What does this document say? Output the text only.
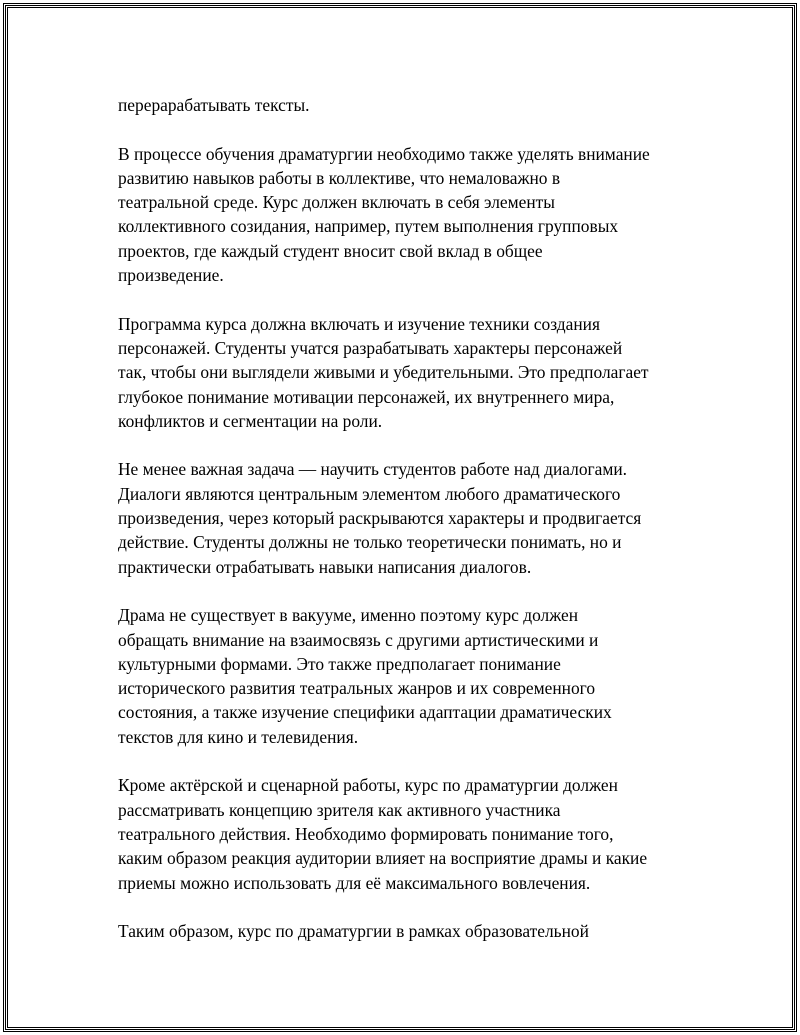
перерарабатывать тексты.

В процессе обучения драматургии необходимо также уделять внимание
развитию навыков работы в коллективе, что немаловажно в
театральной среде. Курс должен включать в себя элементы
коллективного созидания, например, путем выполнения групповых
проектов, где каждый студент вносит свой вклад в общее
произведение.

Программа курса должна включать и изучение техники создания
персонажей. Студенты учатся разрабатывать характеры персонажей
так, чтобы они выглядели живыми и убедительными. Это предполагает
глубокое понимание мотивации персонажей, их внутреннего мира,
конфликтов и сегментации на роли.

Не менее важная задача — научить студентов работе над диалогами.
Диалоги являются центральным элементом любого драматического
произведения, через который раскрываются характеры и продвигается
действие. Студенты должны не только теоретически понимать, но и
практически отрабатывать навыки написания диалогов.

Драма не существует в вакууме, именно поэтому курс должен
обращать внимание на взаимосвязь с другими артистическими и
культурными формами. Это также предполагает понимание
исторического развития театральных жанров и их современного
состояния, а также изучение специфики адаптации драматических
текстов для кино и телевидения.

Кроме актёрской и сценарной работы, курс по драматургии должен
рассматривать концепцию зрителя как активного участника
театрального действия. Необходимо формировать понимание того,
каким образом реакция аудитории влияет на восприятие драмы и какие
приемы можно использовать для её максимального вовлечения.

Таким образом, курс по драматургии в рамках образовательной
